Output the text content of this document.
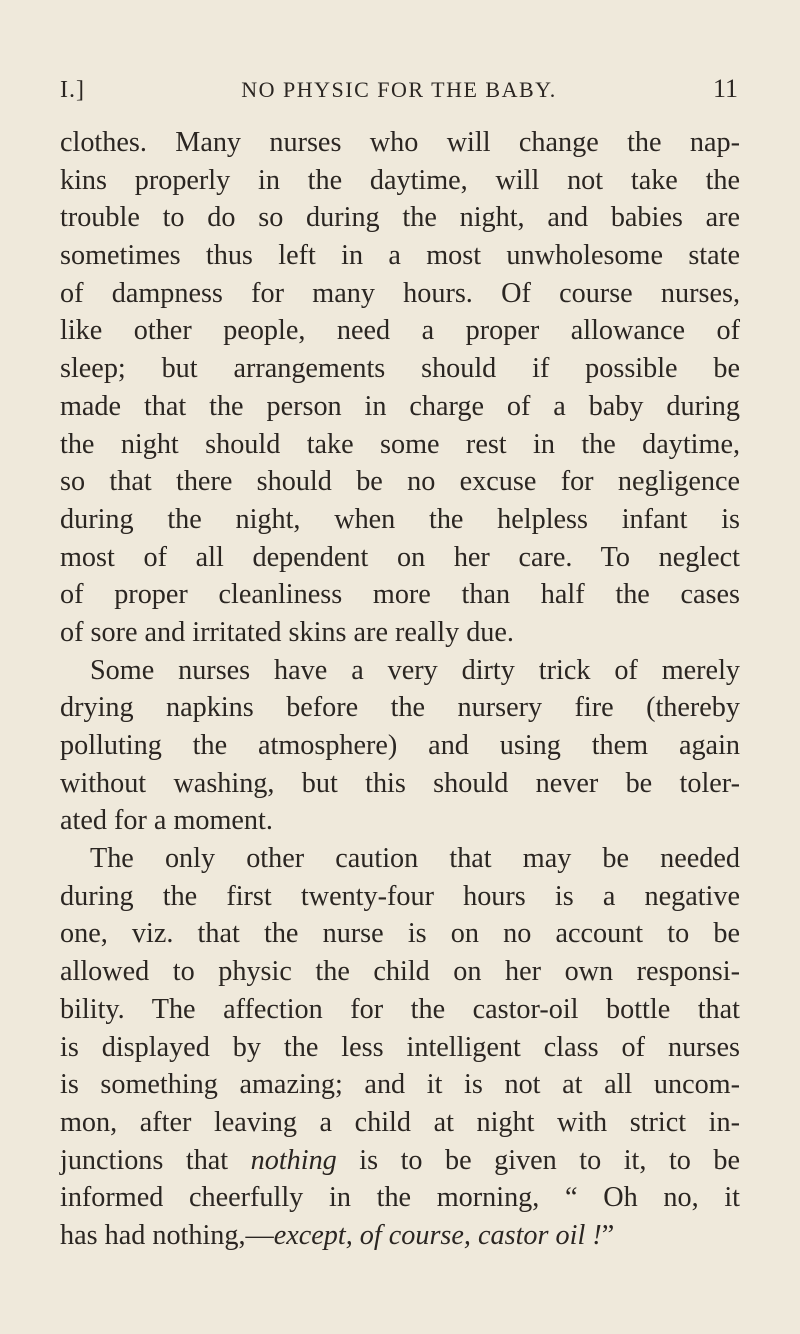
I.]	NO PHYSIC FOR THE BABY.	11
clothes. Many nurses who will change the nap-
kins properly in the daytime, will not take the
trouble to do so during the night, and babies are
sometimes thus left in a most unwholesome state
of dampness for many hours. Of course nurses,
like other people, need a proper allowance of
sleep; but arrangements should if possible be
made that the person in charge of a baby during
the night should take some rest in the daytime,
so that there should be no excuse for negligence
during the night, when the helpless infant is
most of all dependent on her care. To neglect
of proper cleanliness more than half the cases
of sore and irritated skins are really due.
Some nurses have a very dirty trick of merely
drying napkins before the nursery fire (thereby
polluting the atmosphere) and using them again
without washing, but this should never be toler-
ated for a moment.
The only other caution that may be needed
during the first twenty-four hours is a negative
one, viz. that the nurse is on no account to be
allowed to physic the child on her own responsi-
bility. The affection for the castor-oil bottle that
is displayed by the less intelligent class of nurses
is something amazing; and it is not at all uncom-
mon, after leaving a child at night with strict in-
junctions that nothing is to be given to it, to be
informed cheerfully in the morning, “ Oh no, it
has had nothing,—except, of course, castor oil !”
